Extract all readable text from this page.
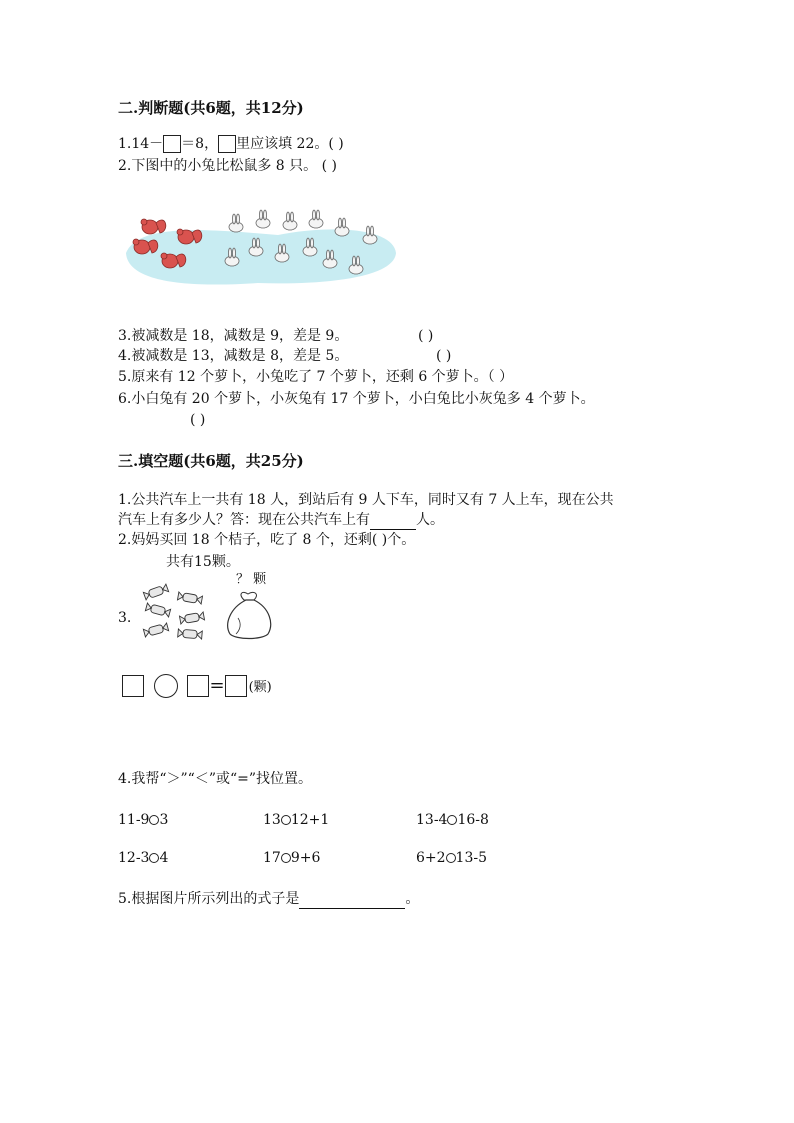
二.判断题(共6题，共12分)
1.14－ ＝8， 里应该填 22。( )
2.下图中的小兔比松鼠多 8 只。 ( )
3.被减数是 18，减数是 9，差是 9。	( )
4.被减数是 13，减数是 8，差是 5。	( )
5.原来有 12 个萝卜，小兔吃了 7 个萝卜，还剩 6 个萝卜。（ ）
6.小白兔有 20 个萝卜，小灰兔有 17 个萝卜，小白兔比小灰兔多 4 个萝卜。
( )
三.填空题(共6题，共25分)
1.公共汽车上一共有 18 人，到站后有 9 人下车，同时又有 7 人上车，现在公共
汽车上有多少人？答：现在公共汽车上有	人。
2.妈妈买回 18 个桔子，吃了 8 个，还剩( )个。
共有15颗。
？ 颗
3.
= (颗)
4.我帮“＞”“＜”或“=”找位置。
11-9 3	13 12+1	13-4 16-8
12-3 4	17 9+6	6+2 13-5
5.根据图片所示列出的式子是	。
